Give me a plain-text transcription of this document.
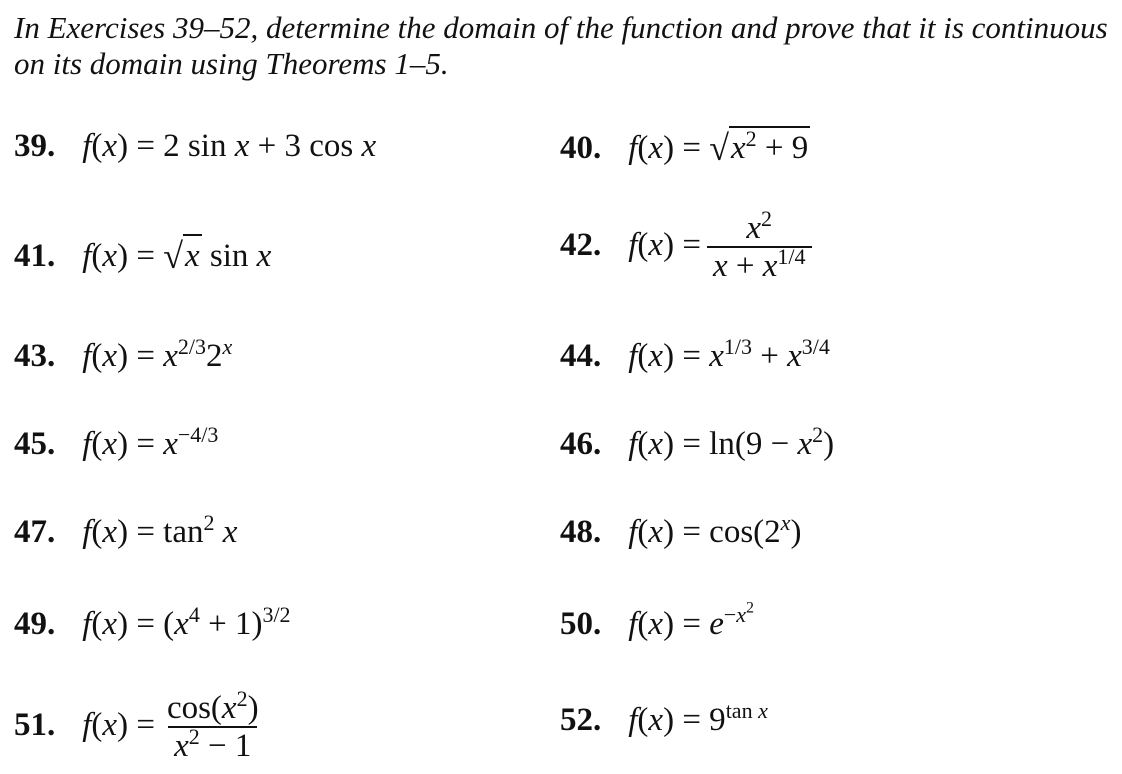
In Exercises 39–52, determine the domain of the function and prove that it is continuous on its domain using Theorems 1–5.

39. f(x) = 2 sin x + 3 cos x	40. $f(x) = √x^2 + 9$
41. f(x) = √x sin x	42. $f(x) = \frac{x^2}{x + x^{1/4}}$
43. $f(x) = x^{2/3}2^x$	44. $f(x) = x^{1/3} + x^{3/4}$
45. $f(x) = x^{-4/3}$	46. $f(x) = \ln(9 - x^2)$
47. $f(x) = \tan^2 x$	48. $f(x) = \cos(2^x)$
49. $f(x) = (x^4 + 1)^{3/2}$	50. $f(x) = e^{-x^2}$
51. $f(x) = \frac{\cos(x^2)}{x^2 - 1}$	52. $f(x) = 9^{tan x}$
